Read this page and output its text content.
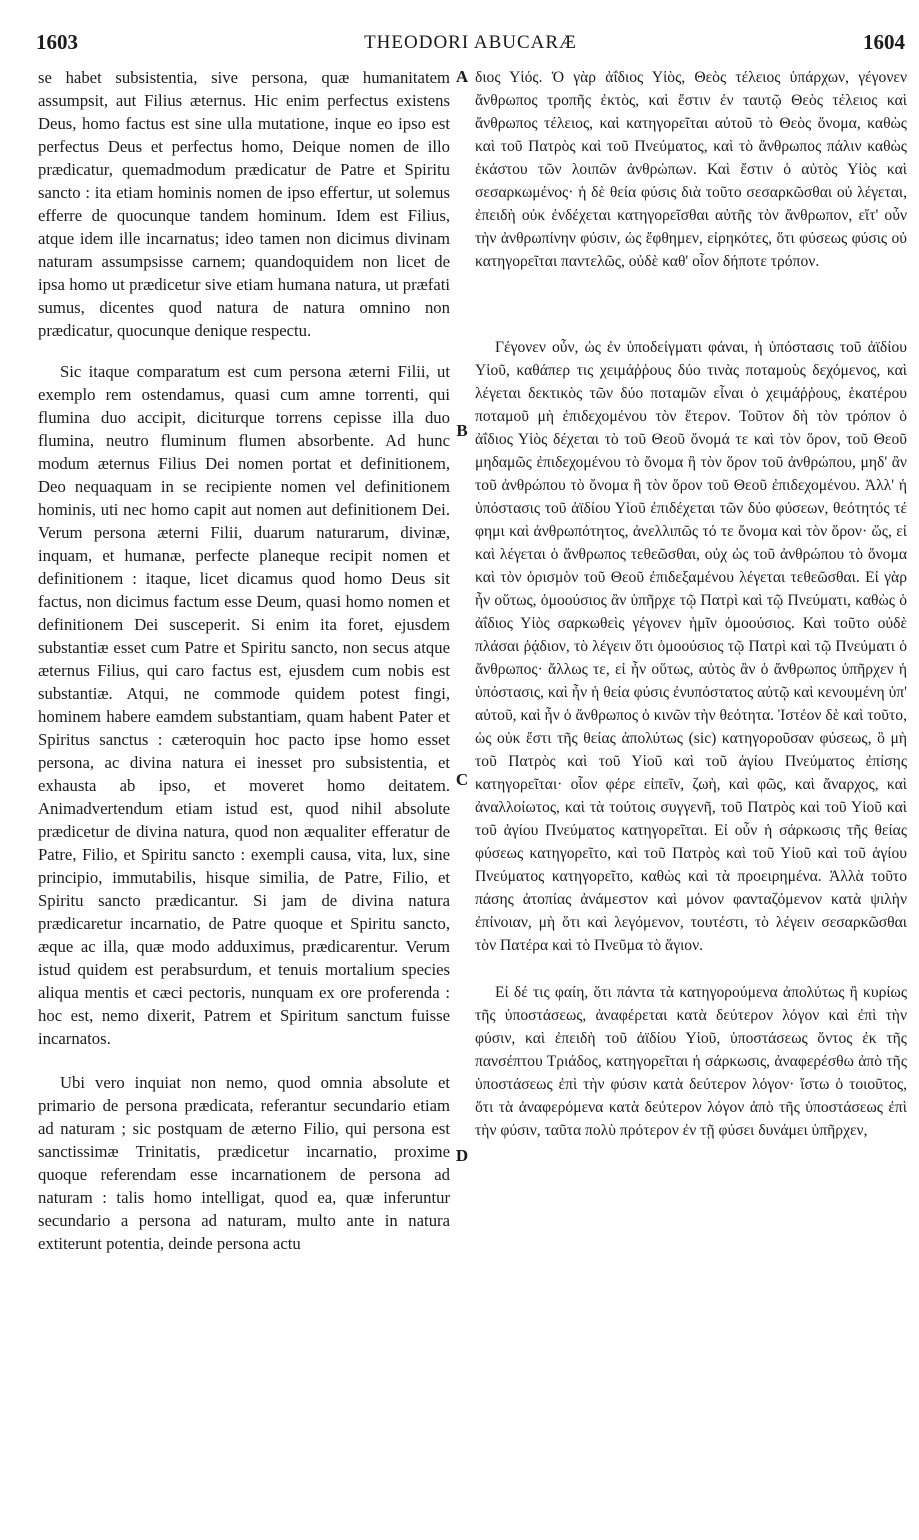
1603	THEODORI ABUCARÆ	1604

se habet subsistentia, sive persona, quæ humanitatem assumpsit, aut Filius æternus. Hic enim perfectus existens Deus, homo factus est sine ulla mutatione, inque eo ipso est perfectus Deus et perfectus homo, Deique nomen de illo prædicatur, quemadmodum prædicatur de Patre et Spiritu sancto : ita etiam hominis nomen de ipso effertur, ut solemus efferre de quocunque tandem hominum. Idem est Filius, atque idem ille incarnatus; ideo tamen non dicimus divinam naturam assumpsisse carnem; quandoquidem non licet de ipsa homo ut prædicetur sive etiam humana natura, ut præfati sumus, dicentes quod natura de natura omnino non prædicatur, quocunque denique respectu.

Sic itaque comparatum est cum persona æterni Filii, ut exemplo rem ostendamus, quasi cum amne torrenti, qui flumina duo accipit, diciturque torrens cepisse illa duo flumina, neutro fluminum flumen absorbente. Ad hunc modum æternus Filius Dei nomen portat et definitionem, Deo nequaquam in se recipiente nomen vel definitionem hominis, uti nec homo capit aut nomen aut definitionem Dei. Verum persona æterni Filii, duarum naturarum, divinæ, inquam, et humanæ, perfecte planeque recipit nomen et definitionem : itaque, licet dicamus quod homo Deus sit factus, non dicimus factum esse Deum, quasi homo nomen et definitionem Dei susceperit. Si enim ita foret, ejusdem substantiæ esset cum Patre et Spiritu sancto, non secus atque æternus Filius, qui caro factus est, ejusdem cum nobis est substantiæ. Atqui, ne commode quidem potest fingi, hominem habere eamdem substantiam, quam habent Pater et Spiritus sanctus : cæteroquin hoc pacto ipse homo esset persona, ac divina natura ei inesset pro subsistentia, et exhausta ab ipso, et moveret homo deitatem. Animadvertendum etiam istud est, quod nihil absolute prædicetur de divina natura, quod non æqualiter efferatur de Patre, Filio, et Spiritu sancto : exempli causa, vita, lux, sine principio, immutabilis, hisque similia, de Patre, Filio, et Spiritu sancto prædicantur. Si jam de divina natura prædicaretur incarnatio, de Patre quoque et Spiritu sancto, æque ac illa, quæ modo adduximus, prædicarentur. Verum istud quidem est perabsurdum, et tenuis mortalium species aliqua mentis et cæci pectoris, nunquam ex ore proferenda : hoc est, nemo dixerit, Patrem et Spiritum sanctum fuisse incarnatos.

Ubi vero inquiat non nemo, quod omnia absolute et primario de persona prædicata, referantur secundario etiam ad naturam ; sic postquam de æterno Filio, qui persona est sanctissimæ Trinitatis, prædicetur incarnatio, proxime quoque referendam esse incarnationem de persona ad naturam : talis homo intelligat, quod ea, quæ inferuntur secundario a persona ad naturam, multo ante in natura extiterunt potentia, deinde persona actu

A
B
C
D

διος Υἱός. Ὁ γὰρ ἀΐδιος Υἱὸς, Θεὸς τέλειος ὑπάρχων, γέγονεν ἄνθρωπος τροπῆς ἐκτὸς, καὶ ἔστιν ἐν ταυτῷ Θεὸς τέλειος καὶ ἄνθρωπος τέλειος, καὶ κατηγορεῖται αὐτοῦ τὸ Θεὸς ὄνομα, καθὼς καὶ τοῦ Πατρὸς καὶ τοῦ Πνεύματος, καὶ τὸ ἄνθρωπος πάλιν καθὼς ἑκάστου τῶν λοιπῶν ἀνθρώπων. Καὶ ἔστιν ὁ αὐτὸς Υἱὸς καὶ σεσαρκωμένος· ἡ δὲ θεία φύσις διὰ τοῦτο σεσαρκῶσθαι οὐ λέγεται, ἐπειδὴ οὐκ ἐνδέχεται κατηγορεῖσθαι αὐτῆς τὸν ἄνθρωπον, εἴτ' οὖν τὴν ἀνθρωπίνην φύσιν, ὡς ἔφθημεν, εἰρηκότες, ὅτι φύσεως φύσις οὐ κατηγορεῖται παντελῶς, οὐδὲ καθ' οἷον δήποτε τρόπον.

Γέγονεν οὖν, ὡς ἐν ὑποδείγματι φάναι, ἡ ὑπόστασις τοῦ ἀϊδίου Υἱοῦ, καθάπερ τις χειμάῤῥους δύο τινὰς ποταμοὺς δεχόμενος, καὶ λέγεται δεκτικὸς τῶν δύο ποταμῶν εἶναι ὁ χειμάῤῥους, ἑκατέρου ποταμοῦ μὴ ἐπιδεχομένου τὸν ἕτερον. Τοῦτον δὴ τὸν τρόπον ὁ ἀΐδιος Υἱὸς δέχεται τὸ τοῦ Θεοῦ ὄνομά τε καὶ τὸν ὅρον, τοῦ Θεοῦ μηδαμῶς ἐπιδεχομένου τὸ ὄνομα ἢ τὸν ὅρον τοῦ ἀνθρώπου, μηδ' ἂν τοῦ ἀνθρώπου τὸ ὄνομα ἢ τὸν ὅρον τοῦ Θεοῦ ἐπιδεχομένου. Ἀλλ' ἡ ὑπόστασις τοῦ ἀϊδίου Υἱοῦ ἐπιδέχεται τῶν δύο φύσεων, θεότητός τέ φημι καὶ ἀνθρωπότητος, ἀνελλιπῶς τό τε ὄνομα καὶ τὸν ὅρον· ὥς, εἰ καὶ λέγεται ὁ ἄνθρωπος τεθεῶσθαι, οὐχ ὡς τοῦ ἀνθρώπου τὸ ὄνομα καὶ τὸν ὁρισμὸν τοῦ Θεοῦ ἐπιδεξαμένου λέγεται τεθεῶσθαι. Εἰ γὰρ ἦν οὕτως, ὁμοούσιος ἂν ὑπῆρχε τῷ Πατρὶ καὶ τῷ Πνεύματι, καθὼς ὁ ἀΐδιος Υἱὸς σαρκωθεὶς γέγονεν ἡμῖν ὁμοούσιος. Καὶ τοῦτο οὐδὲ πλάσαι ῥᾴδιον, τὸ λέγειν ὅτι ὁμοούσιος τῷ Πατρὶ καὶ τῷ Πνεύματι ὁ ἄνθρωπος· ἄλλως τε, εἰ ἦν οὕτως, αὐτὸς ἂν ὁ ἄνθρωπος ὑπῆρχεν ἡ ὑπόστασις, καὶ ἦν ἡ θεία φύσις ἐνυπόστατος αὐτῷ καὶ κενουμένη ὑπ' αὐτοῦ, καὶ ἦν ὁ ἄνθρωπος ὁ κινῶν τὴν θεότητα. Ἰστέον δὲ καὶ τοῦτο, ὡς οὐκ ἔστι τῆς θείας ἀπολύτως (sic) κατηγοροῦσαν φύσεως, ὃ μὴ τοῦ Πατρὸς καὶ τοῦ Υἱοῦ καὶ τοῦ ἁγίου Πνεύματος ἐπίσης κατηγορεῖται· οἷον φέρε εἰπεῖν, ζωὴ, καὶ φῶς, καὶ ἄναρχος, καὶ ἀναλλοίωτος, καὶ τὰ τούτοις συγγενῆ, τοῦ Πατρὸς καὶ τοῦ Υἱοῦ καὶ τοῦ ἁγίου Πνεύματος κατηγορεῖται. Εἰ οὖν ἡ σάρκωσις τῆς θείας φύσεως κατηγορεῖτο, καὶ τοῦ Πατρὸς καὶ τοῦ Υἱοῦ καὶ τοῦ ἁγίου Πνεύματος κατηγορεῖτο, καθὼς καὶ τὰ προειρημένα. Ἀλλὰ τοῦτο πάσης ἀτοπίας ἀνάμεστον καὶ μόνον φανταζόμενον κατὰ ψιλὴν ἐπίνοιαν, μὴ ὅτι καὶ λεγόμενον, τουτέστι, τὸ λέγειν σεσαρκῶσθαι τὸν Πατέρα καὶ τὸ Πνεῦμα τὸ ἅγιον.

Εἰ δέ τις φαίη, ὅτι πάντα τὰ κατηγορούμενα ἀπολύτως ἢ κυρίως τῆς ὑποστάσεως, ἀναφέρεται κατὰ δεύτερον λόγον καὶ ἐπὶ τὴν φύσιν, καὶ ἐπειδὴ τοῦ ἀϊδίου Υἱοῦ, ὑποστάσεως ὄντος ἐκ τῆς πανσέπτου Τριάδος, κατηγορεῖται ἡ σάρκωσις, ἀναφερέσθω ἀπὸ τῆς ὑποστάσεως ἐπὶ τὴν φύσιν κατὰ δεύτερον λόγον· ἴστω ὁ τοιοῦτος, ὅτι τὰ ἀναφερόμενα κατὰ δεύτερον λόγον ἀπὸ τῆς ὑποστάσεως ἐπὶ τὴν φύσιν, ταῦτα πολὺ πρότερον ἐν τῇ φύσει δυνάμει ὑπῆρχεν,
